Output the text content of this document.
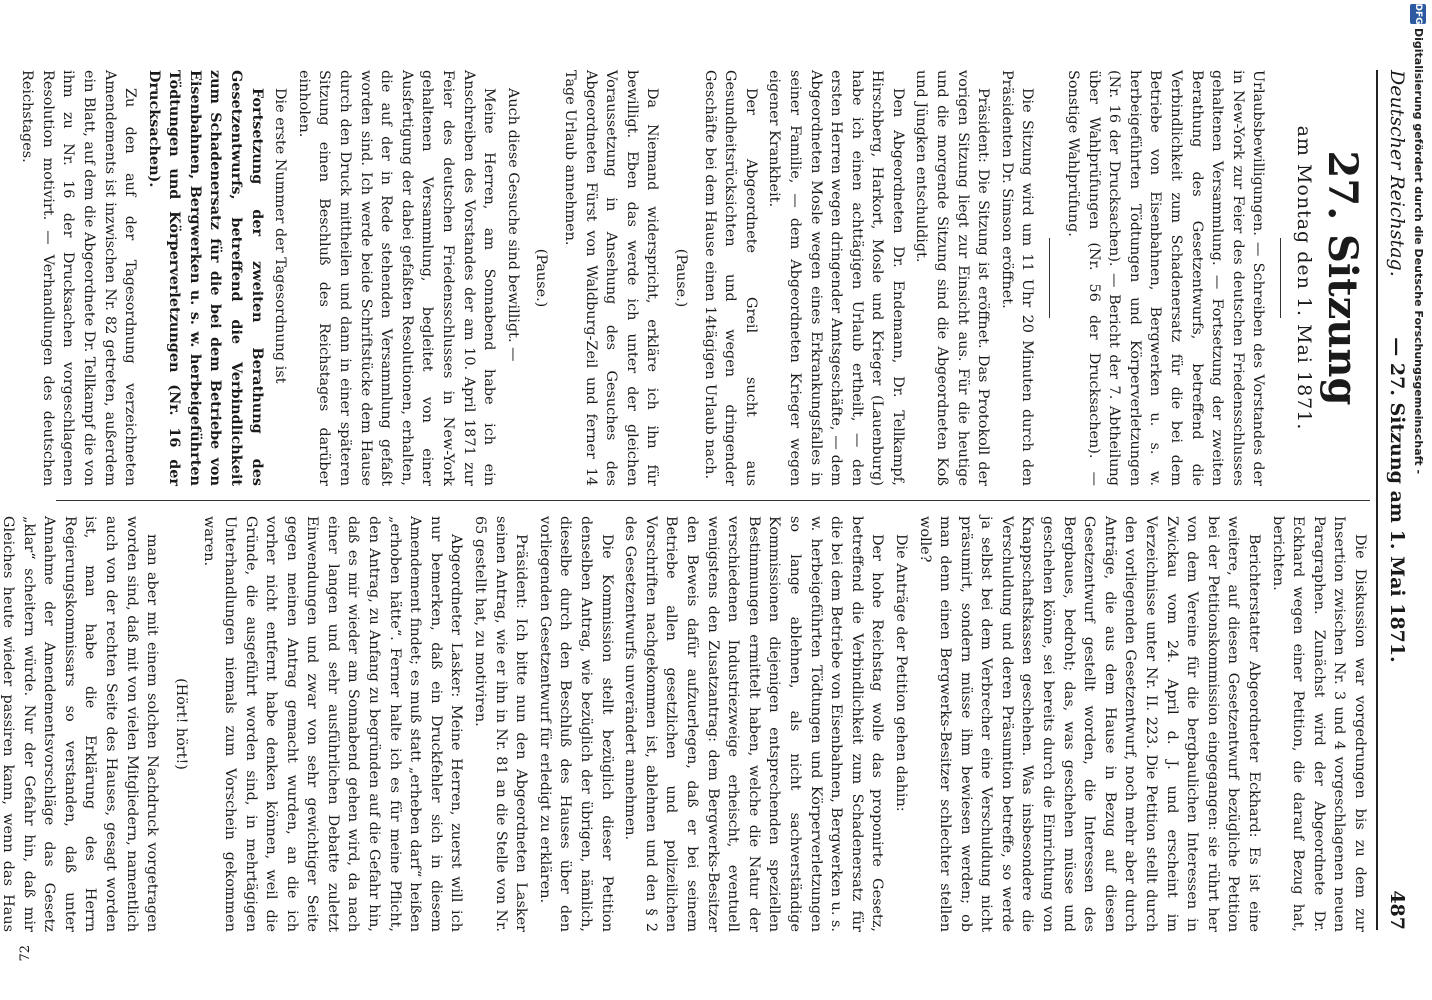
Deutscher Reichstag.
— 27. Sitzung am 1. Mai 1871.
487
27. Sitzung
am Montag den 1. Mai 1871.

Urlaubsbewilligungen. — Schreiben des Vorstandes der in New-York zur Feier des deutschen Friedensschlusses gehaltenen Versammlung. — Fortsetzung der zweiten Berathung des Gesetzentwurfs, betreffend die Verbindlichkeit zum Schadenersatz für die bei dem Betriebe von Eisenbahnen, Bergwerken u. s. w. herbeigeführten Tödtungen und Körperverletzungen (Nr. 16 der Drucksachen). — Bericht der 7. Abtheilung über Wahlprüfungen (Nr. 56 der Drucksachen). — Sonstige Wahlprüfung.

Die Sitzung wird um 11 Uhr 20 Minuten durch den Präsidenten Dr. Simson eröffnet.

Präsident: Die Sitzung ist eröffnet. Das Protokoll der vorigen Sitzung liegt zur Einsicht aus. Für die heutige und die morgende Sitzung sind die Abgeordneten Koß und Jüngken entschuldigt.

Den Abgeordneten Dr. Endemann, Dr. Tellkampf, Hirschberg, Harkort, Mosle und Krieger (Lauenburg) habe ich einen achttägigen Urlaub ertheilt, — den ersten Herren wegen dringender Amtsgeschäfte, — dem Abgeordneten Mosle wegen eines Erkrankungsfalles in seiner Familie, — dem Abgeordneten Krieger wegen eigener Krankheit.

Der Abgeordnete Greil sucht aus Gesundheitsrücksichten und wegen dringender Geschäfte bei dem Hause einen 14tägigen Urlaub nach.

(Pause.)

Da Niemand widerspricht, erkläre ich ihn für bewilligt. Eben das werde ich unter der gleichen Voraussetzung in Ansehung des Gesuches des Abgeordneten Fürst von Waldburg-Zeil und ferner 14 Tage Urlaub annehmen.

(Pause.)

Auch diese Gesuche sind bewilligt. —

Meine Herren, am Sonnabend habe ich ein Anschreiben des Vorstandes der am 10. April 1871 zur Feier des deutschen Friedensschlusses in New-York gehaltenen Versammlung, begleitet von einer Ausfertigung der dabei gefaßten Resolutionen, erhalten, die auf der in Rede stehenden Versammlung gefaßt worden sind. Ich werde beide Schriftstücke dem Hause durch den Druck mittheilen und dann in einer späteren Sitzung einen Beschluß des Reichstages darüber einholen.

Die erste Nummer der Tagesordnung ist

Fortsetzung der zweiten Berathung des Gesetzentwurfs, betreffend die Verbindlichkeit zum Schadenersatz für die bei dem Betriebe von Eisenbahnen, Bergwerken u. s. w. herbeigeführten Tödtungen und Körperverletzungen (Nr. 16 der Drucksachen).

Zu den auf der Tagesordnung verzeichneten Amendements ist inzwischen Nr. 82 getreten, außerdem ein Blatt, auf dem die Abgeordnete Dr. Tellkampf die von ihm zu Nr. 16 der Drucksachen vorgeschlagenen Resolution motivirt. — Verhandlungen des deutschen Reichstages.

Die Diskussion war vorgedrungen bis zu dem zur Insertion zwischen Nr. 3 und 4 vorgeschlagenen neuen Paragraphen. Zunächst wird der Abgeordnete Dr. Eckhard wegen einer Petition, die darauf Bezug hat, berichten.

Berichterstatter Abgeordneter Eckhard: Es ist eine weitere, auf diesen Gesetzentwurf bezügliche Petition bei der Petitionskommission eingegangen: sie rührt her von dem Vereine für die bergbaulichen Interessen in Zwickau vom 24. April d. J. und erscheint im Verzeichnisse unter Nr. II. 223. Die Petition stellt durch den vorliegenden Gesetzentwurf, noch mehr aber durch Anträge, die aus dem Hause in Bezug auf diesen Gesetzentwurf gestellt worden, die Interessen des Bergbaues, bedroht; das, was geschehen müsse und geschehen könne, sei bereits durch die Einrichtung von Knappschaftskassen geschehen. Was insbesondere die Verschuldung und deren Präsumtion betreffe, so werde ja selbst bei dem Verbrecher eine Verschuldung nicht präsumirt, sondern müsse ihm bewiesen werden; ob man denn einen Bergwerks-Besitzer schlechter stellen wolle?

Die Anträge der Petition gehen dahin:

Der hohe Reichstag wolle das proponirte Gesetz, betreffend die Verbindlichkeit zum Schadenersatz für die bei dem Betriebe von Eisenbahnen, Bergwerken u. s. w. herbeigeführten Tödtungen und Körperverletzungen so lange ablehnen, als nicht sachverständige Kommissionen diejenigen entsprechenden speziellen Bestimmungen ermittelt haben, welche die Natur der verschiedenen Industriezweige erheischt, eventuell wenigstens den Zusatzantrag: dem Bergwerks-Besitzer den Beweis dafür aufzuerlegen, daß er bei seinem Betriebe allen gesetzlichen und polizeilichen Vorschriften nachgekommen ist, ablehnen und den § 2 des Gesetzentwurfs unverändert annehmen.

Die Kommission stellt bezüglich dieser Petition denselben Antrag, wie bezüglich der übrigen, nämlich, dieselbe durch den Beschluß des Hauses über den vorliegenden Gesetzentwurf für erledigt zu erklären.

Präsident: Ich bitte nun den Abgeordneten Lasker seinen Antrag, wie er ihn in Nr. 81 an die Stelle von Nr. 65 gestellt hat, zu motiviren.

Abgeordneter Lasker: Meine Herren, zuerst will ich nur bemerken, daß ein Druckfehler sich in diesem Amendement findet; es muß statt „erheben darf“ heißen „erhoben hätte“. Ferner halte ich es für meine Pflicht, den Antrag, zu Anfang zu begründen auf die Gefahr hin, daß es mir wieder am Sonnabend gehen wird, da nach einer langen und sehr ausführlichen Debatte zuletzt Einwendungen und zwar von sehr gewichtiger Seite gegen meinen Antrag gemacht wurden, an die ich vorher nicht entfernt habe denken können, weil die Gründe, die ausgeführt worden sind, in mehrtägigen Unterhandlungen niemals zum Vorschein gekommen waren.

(Hört! hört!)

man aber mit einem solchen Nachdruck vorgetragen worden sind, daß mit von vielen Mitgliedern, namentlich auch von der rechten Seite des Hauses, gesagt worden ist, man habe die Erklärung des Herrn Regierungskommissars so verstanden, daß unter Annahme der Amendementsvorschläge das Gesetz „klar“ scheitern würde. Nur der Gefahr hin, daß mir Gleiches heute wieder passiren kann, wenn das Haus

72
DFG
Digitalisierung gefördert durch die Deutsche Forschungsgemeinschaft -
